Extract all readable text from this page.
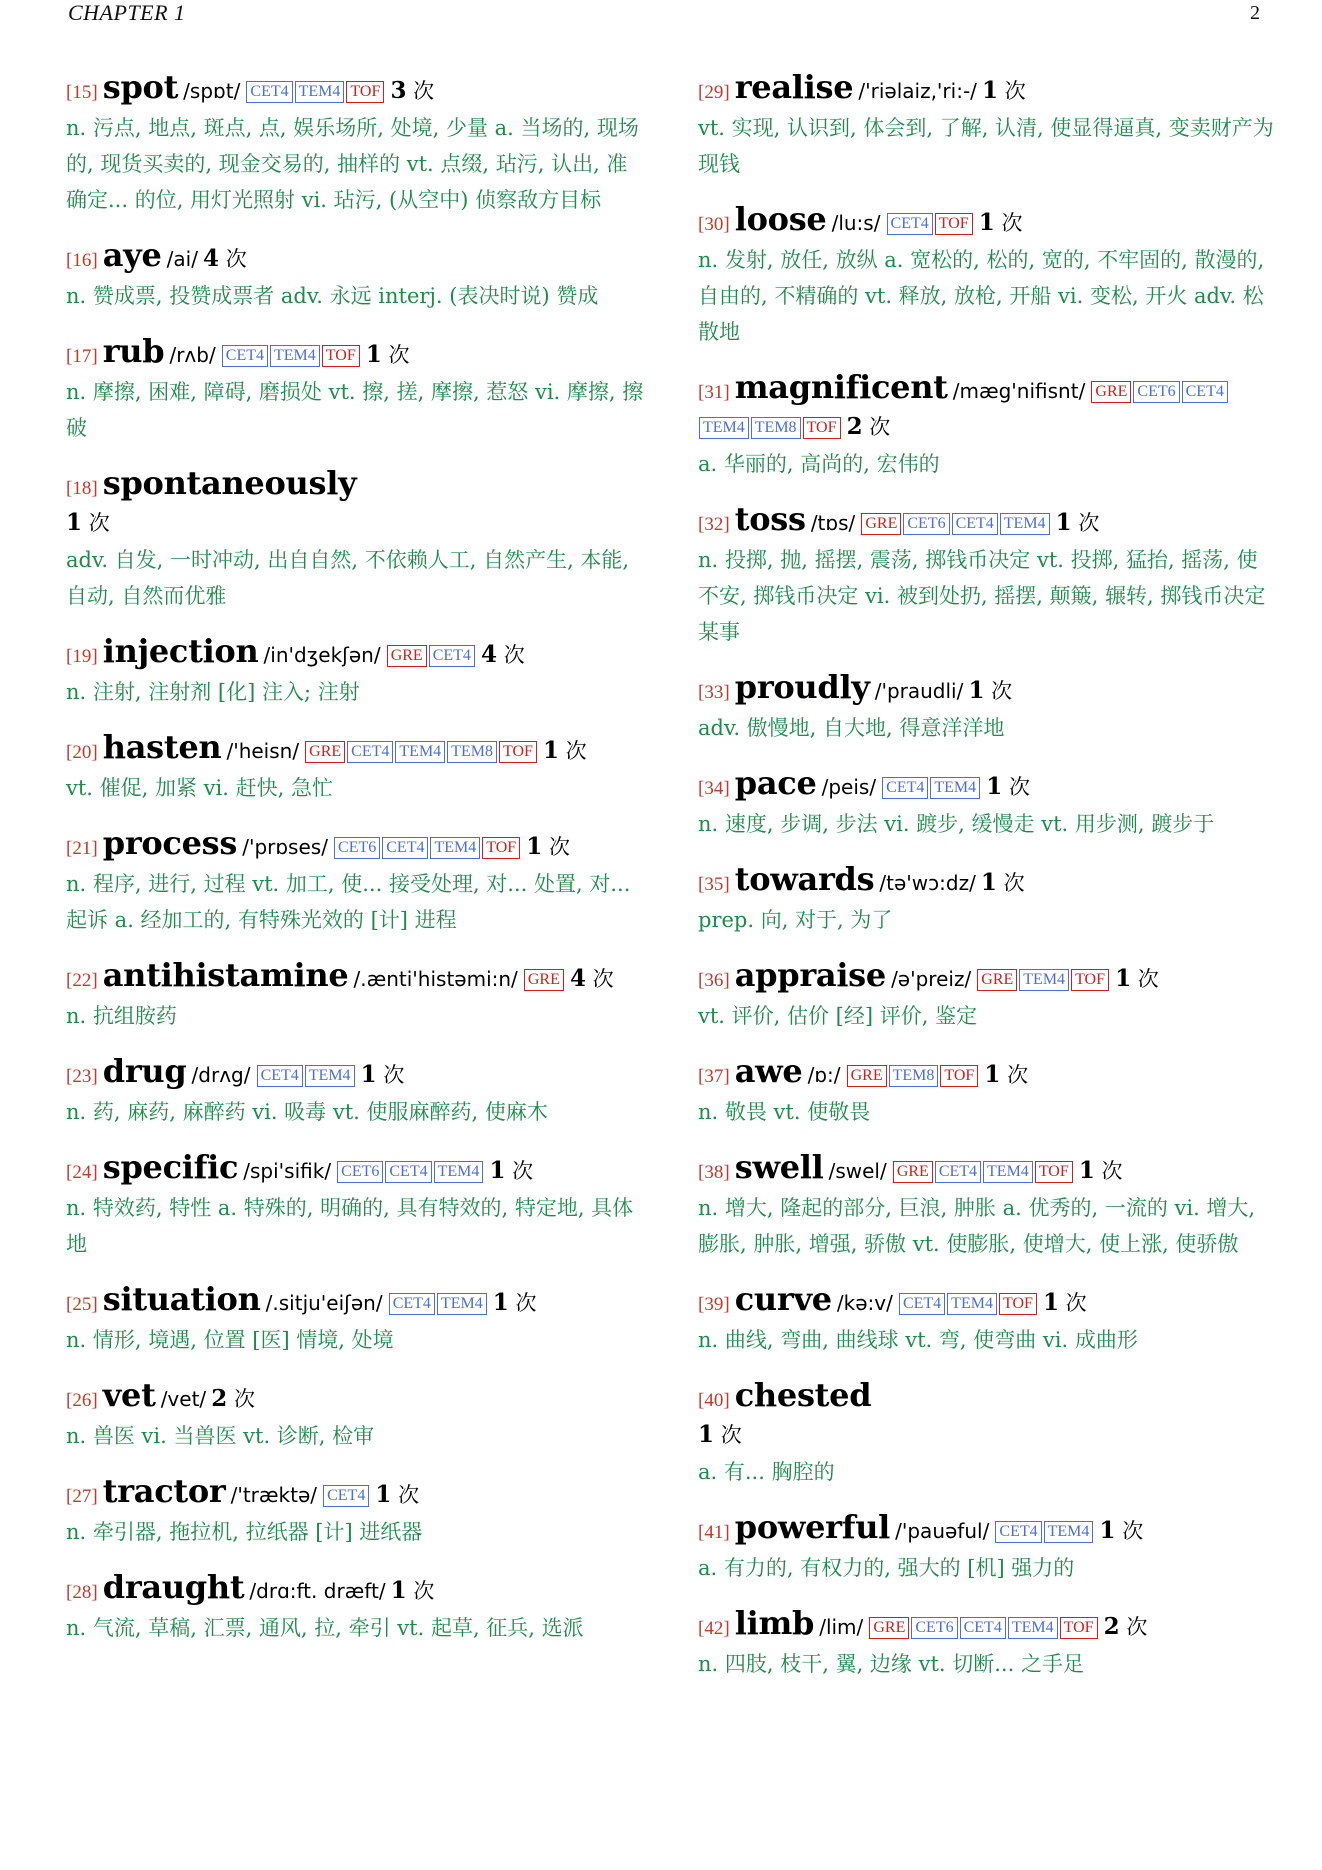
CHAPTER 1	2
[15] spot /spɒt/ CET4 TEM4 TOF 3 次
n. 污点, 地点, 斑点, 点, 娱乐场所, 处境, 少量 a. 当场的, 现场的, 现货买卖的, 现金交易的, 抽样的 vt. 点缀, 玷污, 认出, 准确定... 的位, 用灯光照射 vi. 玷污, (从空中) 侦察敌方目标
[16] aye /ai/ 4 次
n. 赞成票, 投赞成票者 adv. 永远 interj. (表决时说) 赞成
[17] rub /rʌb/ CET4 TEM4 TOF 1 次
n. 摩擦, 困难, 障碍, 磨损处 vt. 擦, 搓, 摩擦, 惹怒 vi. 摩擦, 擦破
[18] spontaneously
1 次
adv. 自发, 一时冲动, 出自自然, 不依赖人工, 自然产生, 本能, 自动, 自然而优雅
[19] injection /in'dʒekʃən/ GRE CET4 4 次
n. 注射, 注射剂 [化] 注入; 注射
[20] hasten /'heisn/ GRE CET4 TEM4 TEM8 TOF 1 次
vt. 催促, 加紧 vi. 赶快, 急忙
[21] process /'prɒses/ CET6 CET4 TEM4 TOF 1 次
n. 程序, 进行, 过程 vt. 加工, 使... 接受处理, 对... 处置, 对... 起诉 a. 经加工的, 有特殊光效的 [计] 进程
[22] antihistamine /.ænti'histəmi:n/ GRE 4 次
n. 抗组胺药
[23] drug /drʌg/ CET4 TEM4 1 次
n. 药, 麻药, 麻醉药 vi. 吸毒 vt. 使服麻醉药, 使麻木
[24] specific /spi'sifik/ CET6 CET4 TEM4 1 次
n. 特效药, 特性 a. 特殊的, 明确的, 具有特效的, 特定地, 具体地
[25] situation /.sitju'eiʃən/ CET4 TEM4 1 次
n. 情形, 境遇, 位置 [医] 情境, 处境
[26] vet /vet/ 2 次
n. 兽医 vi. 当兽医 vt. 诊断, 检审
[27] tractor /'træktə/ CET4 1 次
n. 牵引器, 拖拉机, 拉纸器 [计] 进纸器
[28] draught /drɑ:ft. dræft/ 1 次
n. 气流, 草稿, 汇票, 通风, 拉, 牵引 vt. 起草, 征兵, 选派
[29] realise /'riəlaiz,'ri:-/ 1 次
vt. 实现, 认识到, 体会到, 了解, 认清, 使显得逼真, 变卖财产为现钱
[30] loose /lu:s/ CET4 TOF 1 次
n. 发射, 放任, 放纵 a. 宽松的, 松的, 宽的, 不牢固的, 散漫的, 自由的, 不精确的 vt. 释放, 放枪, 开船 vi. 变松, 开火 adv. 松散地
[31] magnificent /mæg'nifisnt/ GRE CET6 CET4TEM4 TEM8 TOF 2 次
a. 华丽的, 高尚的, 宏伟的
[32] toss /tɒs/ GRE CET6 CET4 TEM4 1 次
n. 投掷, 抛, 摇摆, 震荡, 掷钱币决定 vt. 投掷, 猛抬, 摇荡, 使不安, 掷钱币决定 vi. 被到处扔, 摇摆, 颠簸, 辗转, 掷钱币决定某事
[33] proudly /'praudli/ 1 次
adv. 傲慢地, 自大地, 得意洋洋地
[34] pace /peis/ CET4 TEM4 1 次
n. 速度, 步调, 步法 vi. 踱步, 缓慢走 vt. 用步测, 踱步于
[35] towards /tə'wɔ:dz/ 1 次
prep. 向, 对于, 为了
[36] appraise /ə'preiz/ GRE TEM4 TOF 1 次
vt. 评价, 估价 [经] 评价, 鉴定
[37] awe /ɒ:/ GRE TEM8 TOF 1 次
n. 敬畏 vt. 使敬畏
[38] swell /swel/ GRE CET4 TEM4 TOF 1 次
n. 增大, 隆起的部分, 巨浪, 肿胀 a. 优秀的, 一流的 vi. 增大, 膨胀, 肿胀, 增强, 骄傲 vt. 使膨胀, 使增大, 使上涨, 使骄傲
[39] curve /kə:v/ CET4 TEM4 TOF 1 次
n. 曲线, 弯曲, 曲线球 vt. 弯, 使弯曲 vi. 成曲形
[40] chested
1 次
a. 有... 胸腔的
[41] powerful /'pauəful/ CET4 TEM4 1 次
a. 有力的, 有权力的, 强大的 [机] 强力的
[42] limb /lim/ GRE CET6 CET4 TEM4 TOF 2 次
n. 四肢, 枝干, 翼, 边缘 vt. 切断... 之手足
